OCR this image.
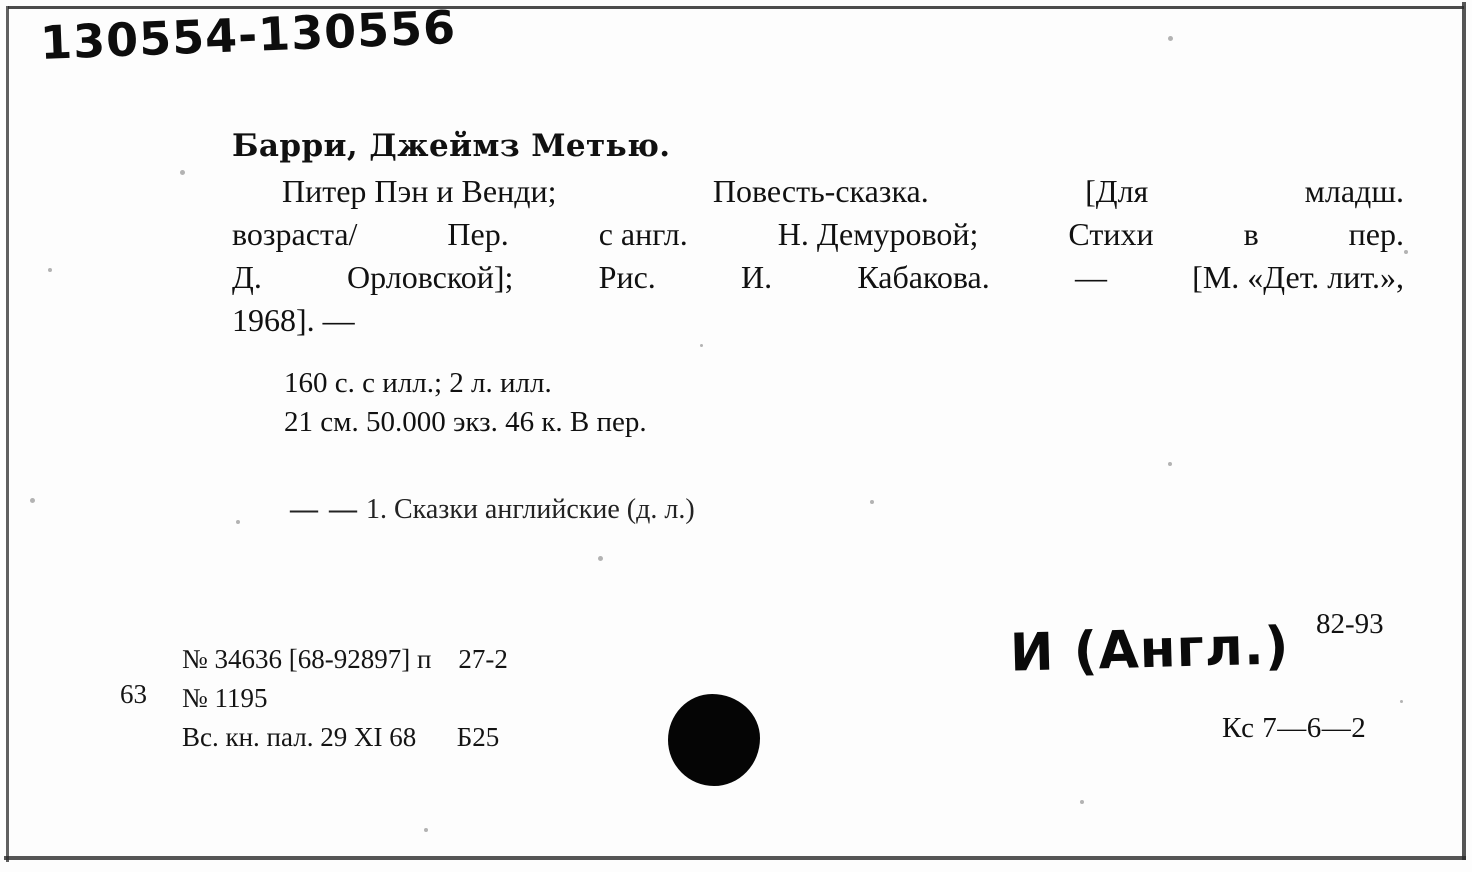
130554-130556
Барри, Джеймз Метью.
Питер Пэн и Венди;	Повесть-сказка.	[Для	младш.
возраста/	Пер.	с англ.	Н. Демуровой;	Стихи	в	пер.
Д.	Орловской];	Рис.	И.	Кабакова.	—	[М. «Дет. лит.»,
1968]. —
160 с. с илл.; 2 л. илл.
21 см. 50.000 экз. 46 к. В пер.
— — 1. Сказки английские (д. л.)
№ 34636 [68-92897] п    27-2
63 № 1195
Вс. кн. пал. 29 XI 68      Б25
И (Англ.) 82-93
Кс 7—6—2
